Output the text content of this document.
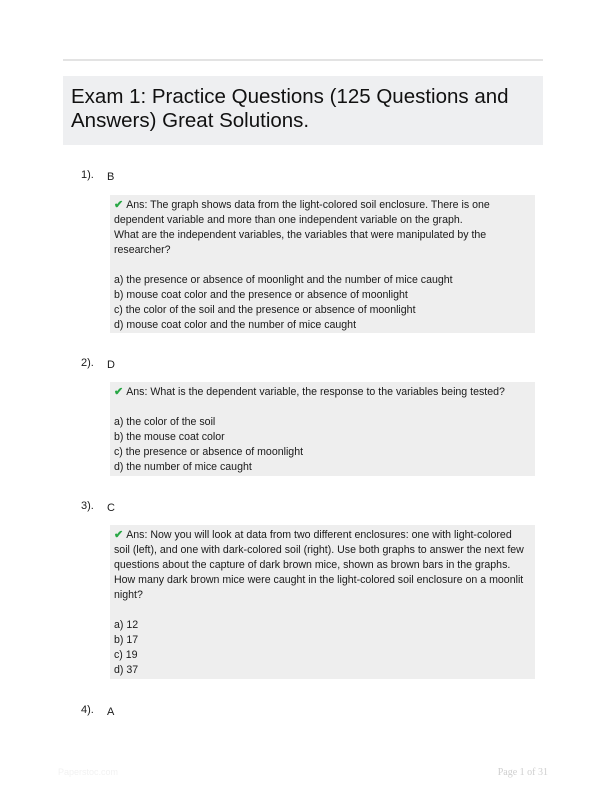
Exam 1: Practice Questions (125 Questions and Answers) Great Solutions.
1). B

✔ Ans: The graph shows data from the light-colored soil enclosure. There is one

dependent variable and more than one independent variable on the graph.

What are the independent variables, the variables that were manipulated by the

researcher?

a) the presence or absence of moonlight and the number of mice caught

b) mouse coat color and the presence or absence of moonlight

c) the color of the soil and the presence or absence of moonlight

d) mouse coat color and the number of mice caught

2). D

✔ Ans: What is the dependent variable, the response to the variables being tested?

a) the color of the soil

b) the mouse coat color

c) the presence or absence of moonlight

d) the number of mice caught

3). C

✔ Ans: Now you will look at data from two different enclosures: one with light-colored

soil (left), and one with dark-colored soil (right). Use both graphs to answer the next few

questions about the capture of dark brown mice, shown as brown bars in the graphs.

How many dark brown mice were caught in the light-colored soil enclosure on a moonlit

night?

a) 12

b) 17

c) 19

d) 37

4). A
Paperstoc.com	Page 1 of 31
